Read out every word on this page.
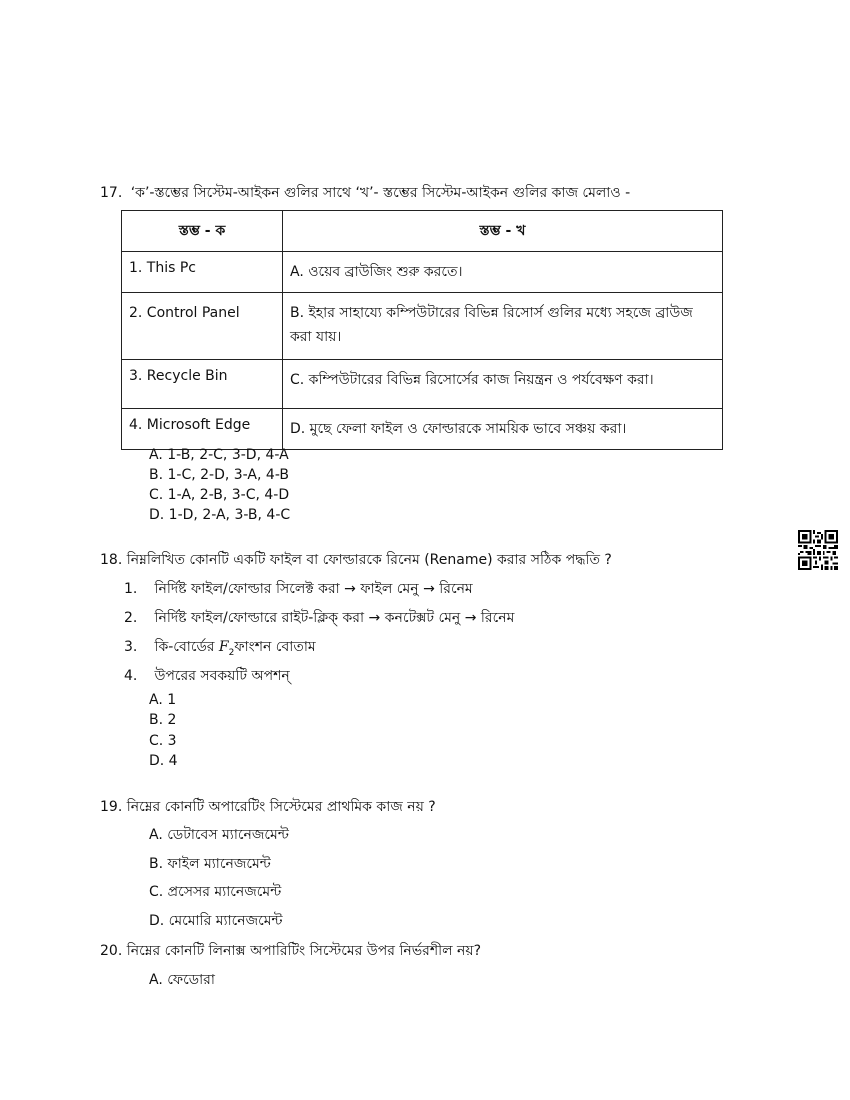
17. ‘ক’-স্তম্ভের সিস্টেম-আইকন গুলির সাথে ‘খ’- স্তম্ভের সিস্টেম-আইকন গুলির কাজ মেলাও -
স্তম্ভ - ক	স্তম্ভ - খ
1. This Pc	A. ওয়েব ব্রাউজিং শুরু করতে।
2. Control Panel	B. ইহার সাহায্যে কম্পিউটারের বিভিন্ন রিসোর্স গুলির মধ্যে সহজে ব্রাউজ করা যায়।
3. Recycle Bin	C. কম্পিউটারের বিভিন্ন রিসোর্সের কাজ নিয়ন্ত্রন ও পর্যবেক্ষণ করা।
4. Microsoft Edge	D. মুছে ফেলা ফাইল ও ফোল্ডারকে সাময়িক ভাবে সঞ্চয় করা।
A. 1-B, 2-C, 3-D, 4-A
B. 1-C, 2-D, 3-A, 4-B
C. 1-A, 2-B, 3-C, 4-D
D. 1-D, 2-A, 3-B, 4-C
18. নিম্নলিখিত কোনটি একটি ফাইল বা ফোল্ডারকে রিনেম (Rename) করার সঠিক পদ্ধতি ?
1. নির্দিষ্ট ফাইল/ফোল্ডার সিলেক্ট করা → ফাইল মেনু → রিনেম
2. নির্দিষ্ট ফাইল/ফোল্ডারে রাইট-ক্লিক্ করা → কনটেক্সট মেনু → রিনেম
3. কি-বোর্ডের $F_2ফাংশন$ বোতাম
4. উপরের সবকয়টি অপশন্
A. 1
B. 2
C. 3
D. 4
19. নিম্নের কোনটি অপারেটিং সিস্টেমের প্রাথমিক কাজ নয় ?
A. ডেটাবেস ম্যানেজমেন্ট
B. ফাইল ম্যানেজমেন্ট
C. প্রসেসর ম্যানেজমেন্ট
D. মেমোরি ম্যানেজমেন্ট
20. নিম্নের কোনটি লিনাক্স অপারিটিং সিস্টেমের উপর নির্ভরশীল নয়?
A. ফেডোরা
